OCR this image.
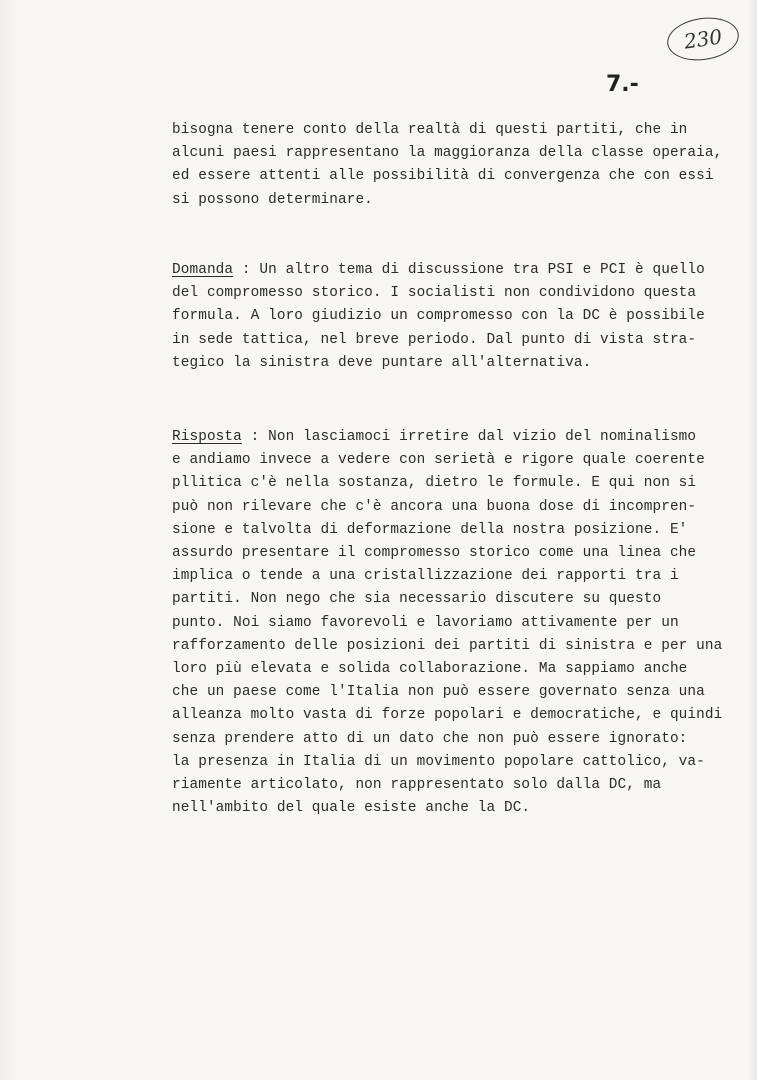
230
7.-
bisogna tenere conto della realtà di questi partiti, che in
alcuni paesi rappresentano la maggioranza della classe operaia,
ed essere attenti alle possibilità di convergenza che con essi
si possono determinare.
Domanda : Un altro tema di discussione tra PSI e PCI è quello
del compromesso storico. I socialisti non condividono questa
formula. A loro giudizio un compromesso con la DC è possibile
in sede tattica, nel breve periodo. Dal punto di vista stra-
tegico la sinistra deve puntare all'alternativa.
Risposta : Non lasciamoci irretire dal vizio del nominalismo
e andiamo invece a vedere con serietà e rigore quale coerente
pllitica c'è nella sostanza, dietro le formule. E qui non si
può non rilevare che c'è ancora una buona dose di incompren-
sione e talvolta di deformazione della nostra posizione. E'
assurdo presentare il compromesso storico come una linea che
implica o tende a una cristallizzazione dei rapporti tra i
partiti. Non nego che sia necessario discutere su questo
punto. Noi siamo favorevoli e lavoriamo attivamente per un
rafforzamento delle posizioni dei partiti di sinistra e per una
loro più elevata e solida collaborazione. Ma sappiamo anche
che un paese come l'Italia non può essere governato senza una
alleanza molto vasta di forze popolari e democratiche, e quindi
senza prendere atto di un dato che non può essere ignorato:
la presenza in Italia di un movimento popolare cattolico, va-
riamente articolato, non rappresentato solo dalla DC, ma
nell'ambito del quale esiste anche la DC.
